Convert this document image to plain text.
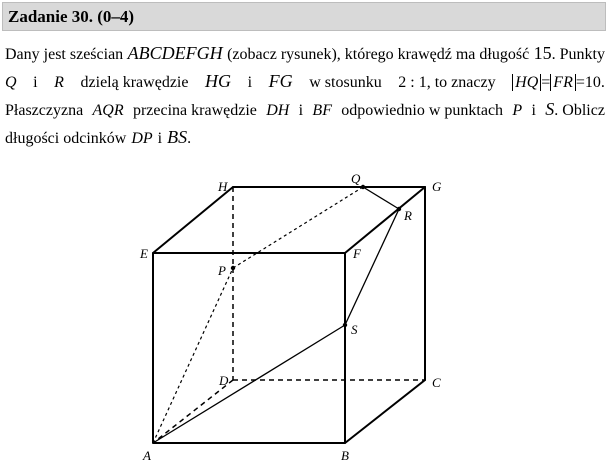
Zadanie 30. (0–4)
Dany jest sześcian ABCDEFGH (zobacz rysunek), którego krawędź ma długość 15. Punkty
Q i R dzielą krawędzie HG i FG w stosunku 2 : 1, to znaczy HQ = FR =10.
Płaszczyzna AQR przecina krawędzie DH i BF odpowiednio w punktach P i S. Oblicz
długości odcinków DP i BS .
A	B
C
D
E	F
G
H
P
Q
R
S
